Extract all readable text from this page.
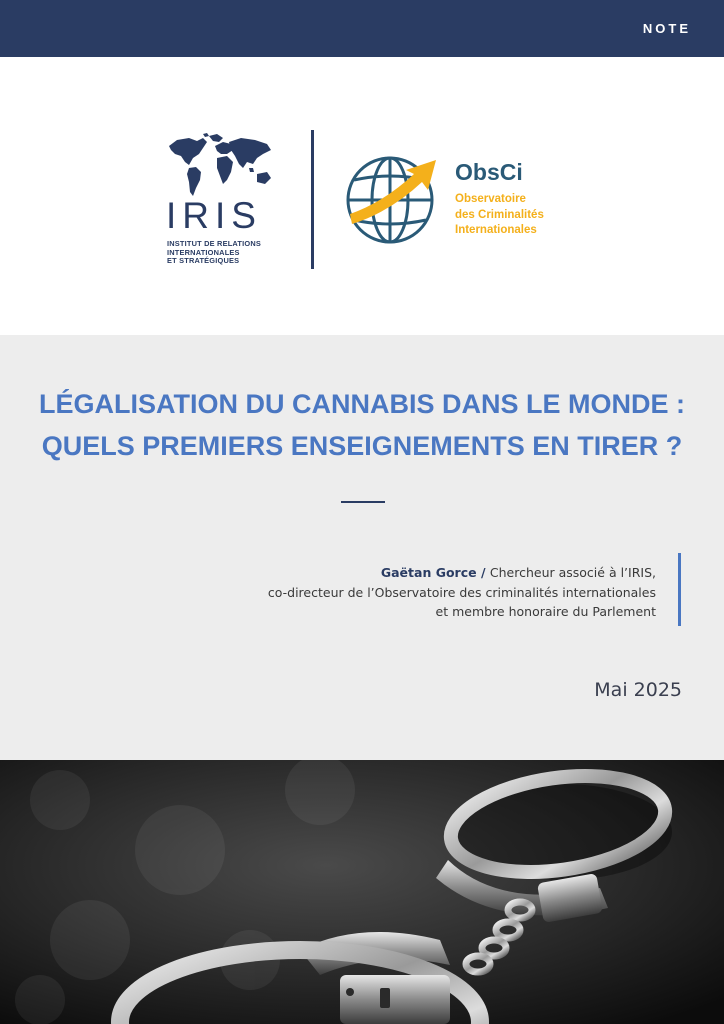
NOTE
IRIS
INSTITUT DE RELATIONS
INTERNATIONALES
ET STRATÉGIQUES
ObsCi
Observatoire
des Criminalités
Internationales
LÉGALISATION DU CANNABIS DANS LE MONDE :
QUELS PREMIERS ENSEIGNEMENTS EN TIRER ?
Gaëtan Gorce / Chercheur associé à l’IRIS,
co-directeur de l’Observatoire des criminalités internationales
et membre honoraire du Parlement
Mai 2025
